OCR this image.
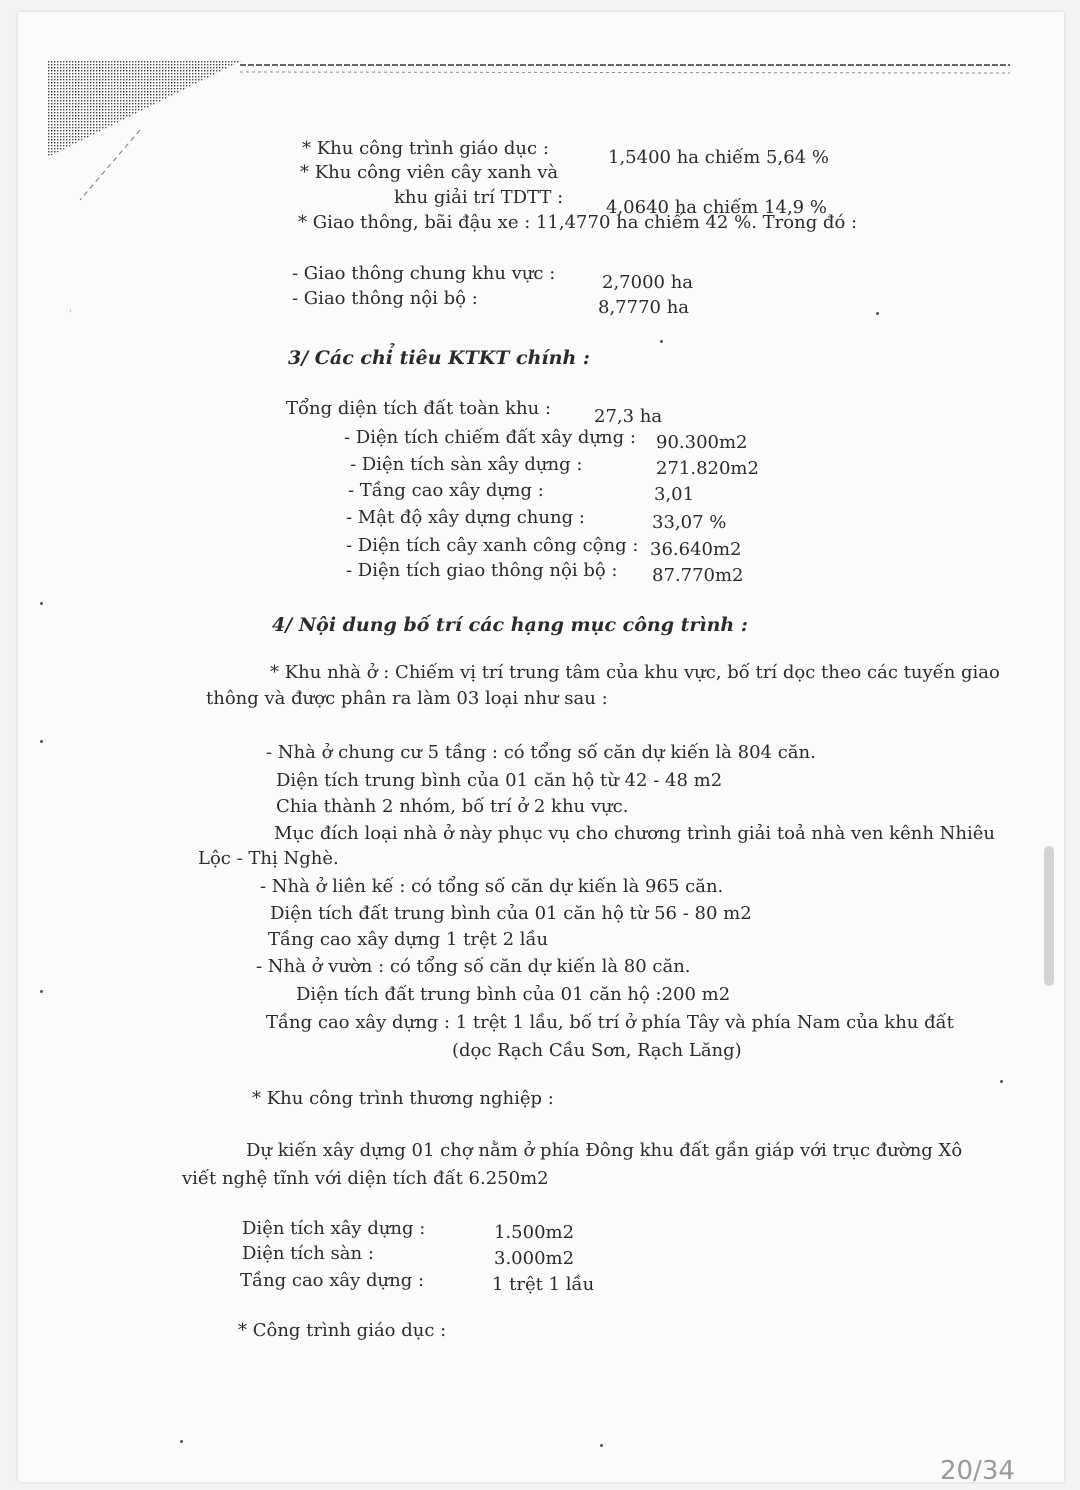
* Khu công trình giáo dục :	1,5400 ha chiếm 5,64 %
* Khu công viên cây xanh và
khu giải trí TDTT : 4,0640 ha chiếm 14,9 %
* Giao thông, bãi đậu xe : 11,4770 ha chiếm 42 %. Trong đó :
- Giao thông chung khu vực :	2,7000 ha
- Giao thông nội bộ :	8,7770 ha
3/ Các chỉ tiêu KTKT chính :
Tổng diện tích đất toàn khu : 27,3 ha
- Diện tích chiếm đất xây dựng : 90.300m2
- Diện tích sàn xây dựng :	271.820m2
- Tầng cao xây dựng :	3,01
- Mật độ xây dựng chung :	33,07 %
- Diện tích cây xanh công cộng : 36.640m2
- Diện tích giao thông nội bộ : 87.770m2
4/ Nội dung bố trí các hạng mục công trình :
* Khu nhà ở : Chiếm vị trí trung tâm của khu vực, bố trí dọc theo các tuyến giao
thông và được phân ra làm 03 loại như sau :
- Nhà ở chung cư 5 tầng : có tổng số căn dự kiến là 804 căn.
Diện tích trung bình của 01 căn hộ từ 42 - 48 m2
Chia thành 2 nhóm, bố trí ở 2 khu vực.
Mục đích loại nhà ở này phục vụ cho chương trình giải toả nhà ven kênh Nhiêu
Lộc - Thị Nghè.
- Nhà ở liên kế : có tổng số căn dự kiến là 965 căn.
Diện tích đất trung bình của 01 căn hộ từ 56 - 80 m2
Tầng cao xây dựng 1 trệt 2 lầu
- Nhà ở vườn : có tổng số căn dự kiến là 80 căn.
Diện tích đất trung bình của 01 căn hộ :200 m2
Tầng cao xây dựng : 1 trệt 1 lầu, bố trí ở phía Tây và phía Nam của khu đất
(dọc Rạch Cầu Sơn, Rạch Lăng)
* Khu công trình thương nghiệp :
Dự kiến xây dựng 01 chợ nằm ở phía Đông khu đất gần giáp với trục đường Xô
viết nghệ tĩnh với diện tích đất 6.250m2
Diện tích xây dựng :	1.500m2
Diện tích sàn :	3.000m2
Tầng cao xây dựng :	1 trệt 1 lầu
* Công trình giáo dục :
20/34
